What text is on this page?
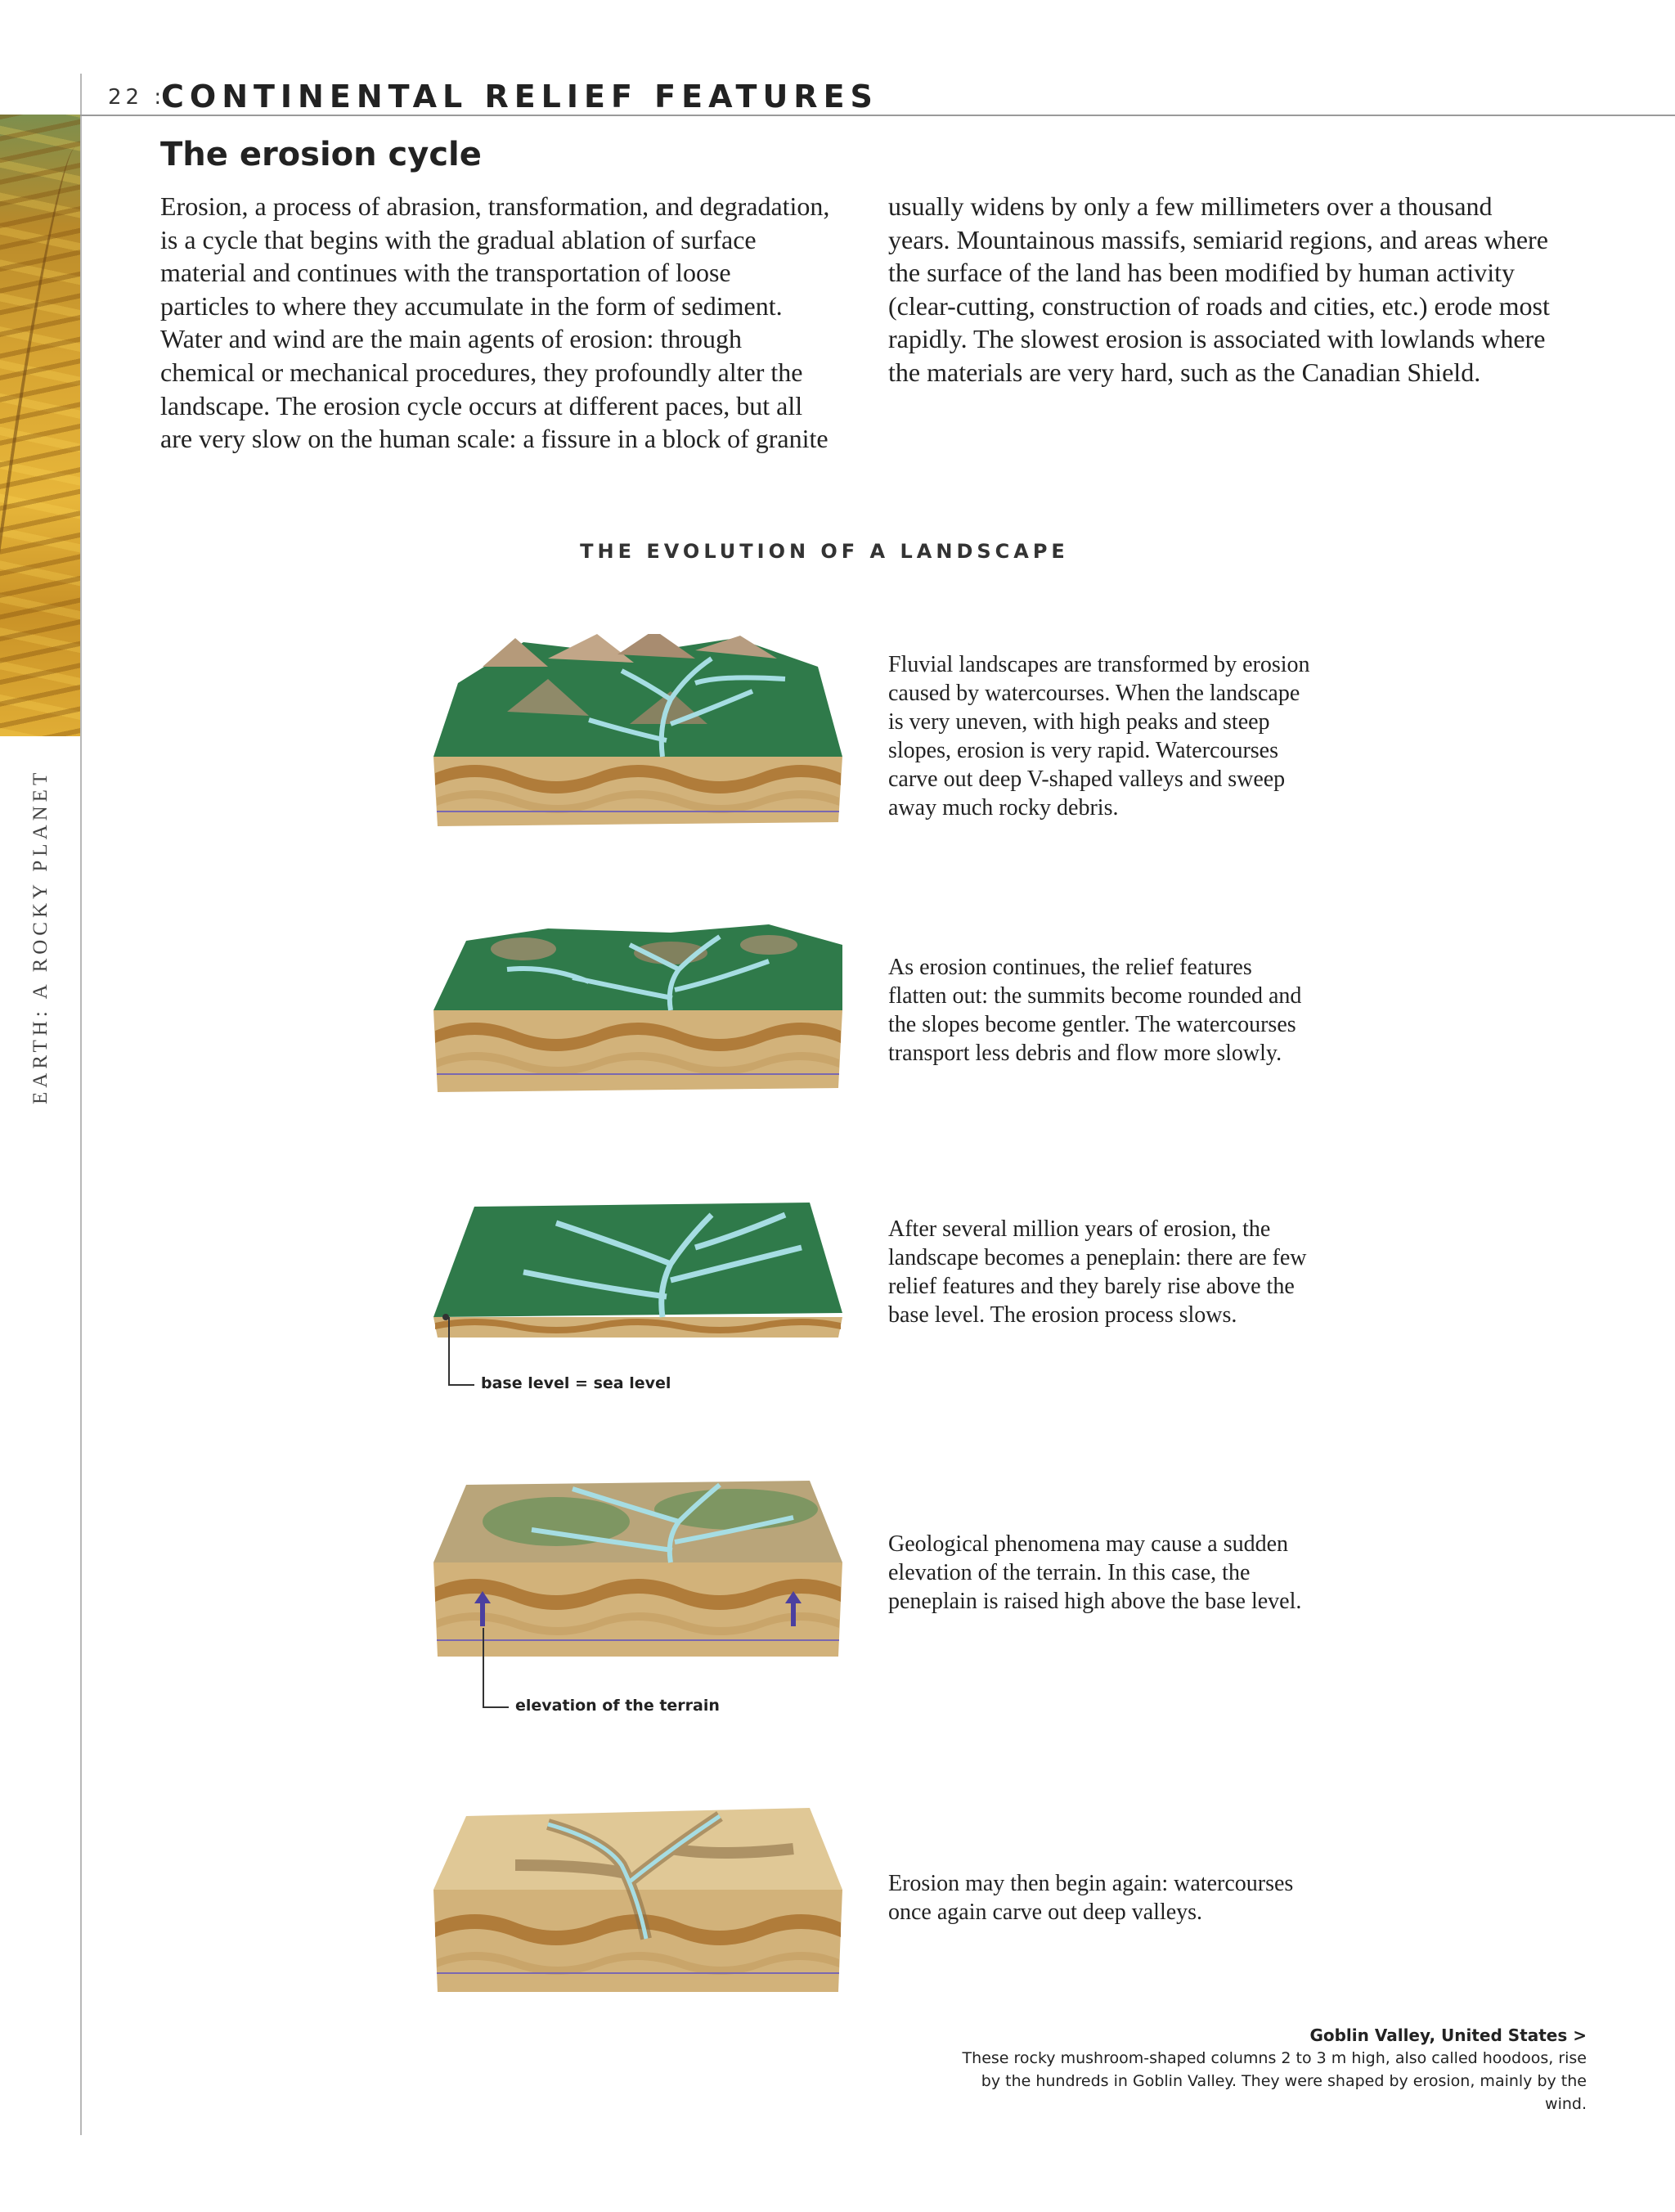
22 :
CONTINENTAL RELIEF FEATURES
EARTH: A ROCKY PLANET
The erosion cycle
Erosion, a process of abrasion, transformation, and degradation,
is a cycle that begins with the gradual ablation of surface
material and continues with the transportation of loose
particles to where they accumulate in the form of sediment.
Water and wind are the main agents of erosion: through
chemical or mechanical procedures, they profoundly alter the
landscape. The erosion cycle occurs at different paces, but all
are very slow on the human scale: a fissure in a block of granite
usually widens by only a few millimeters over a thousand
years. Mountainous massifs, semiarid regions, and areas where
the surface of the land has been modified by human activity
(clear-cutting, construction of roads and cities, etc.) erode most
rapidly. The slowest erosion is associated with lowlands where
the materials are very hard, such as the Canadian Shield.
THE EVOLUTION OF A LANDSCAPE
Fluvial landscapes are transformed by erosion
caused by watercourses. When the landscape
is very uneven, with high peaks and steep
slopes, erosion is very rapid. Watercourses
carve out deep V-shaped valleys and sweep
away much rocky debris.
As erosion continues, the relief features
flatten out: the summits become rounded and
the slopes become gentler. The watercourses
transport less debris and flow more slowly.
After several million years of erosion, the
landscape becomes a peneplain: there are few
relief features and they barely rise above the
base level. The erosion process slows.
base level = sea level
Geological phenomena may cause a sudden
elevation of the terrain. In this case, the
peneplain is raised high above the base level.
elevation of the terrain
Erosion may then begin again: watercourses
once again carve out deep valleys.
Goblin Valley, United States >
These rocky mushroom-shaped columns 2 to 3 m high, also called hoodoos, rise by the hundreds in Goblin Valley. They were shaped by erosion, mainly by the wind.
